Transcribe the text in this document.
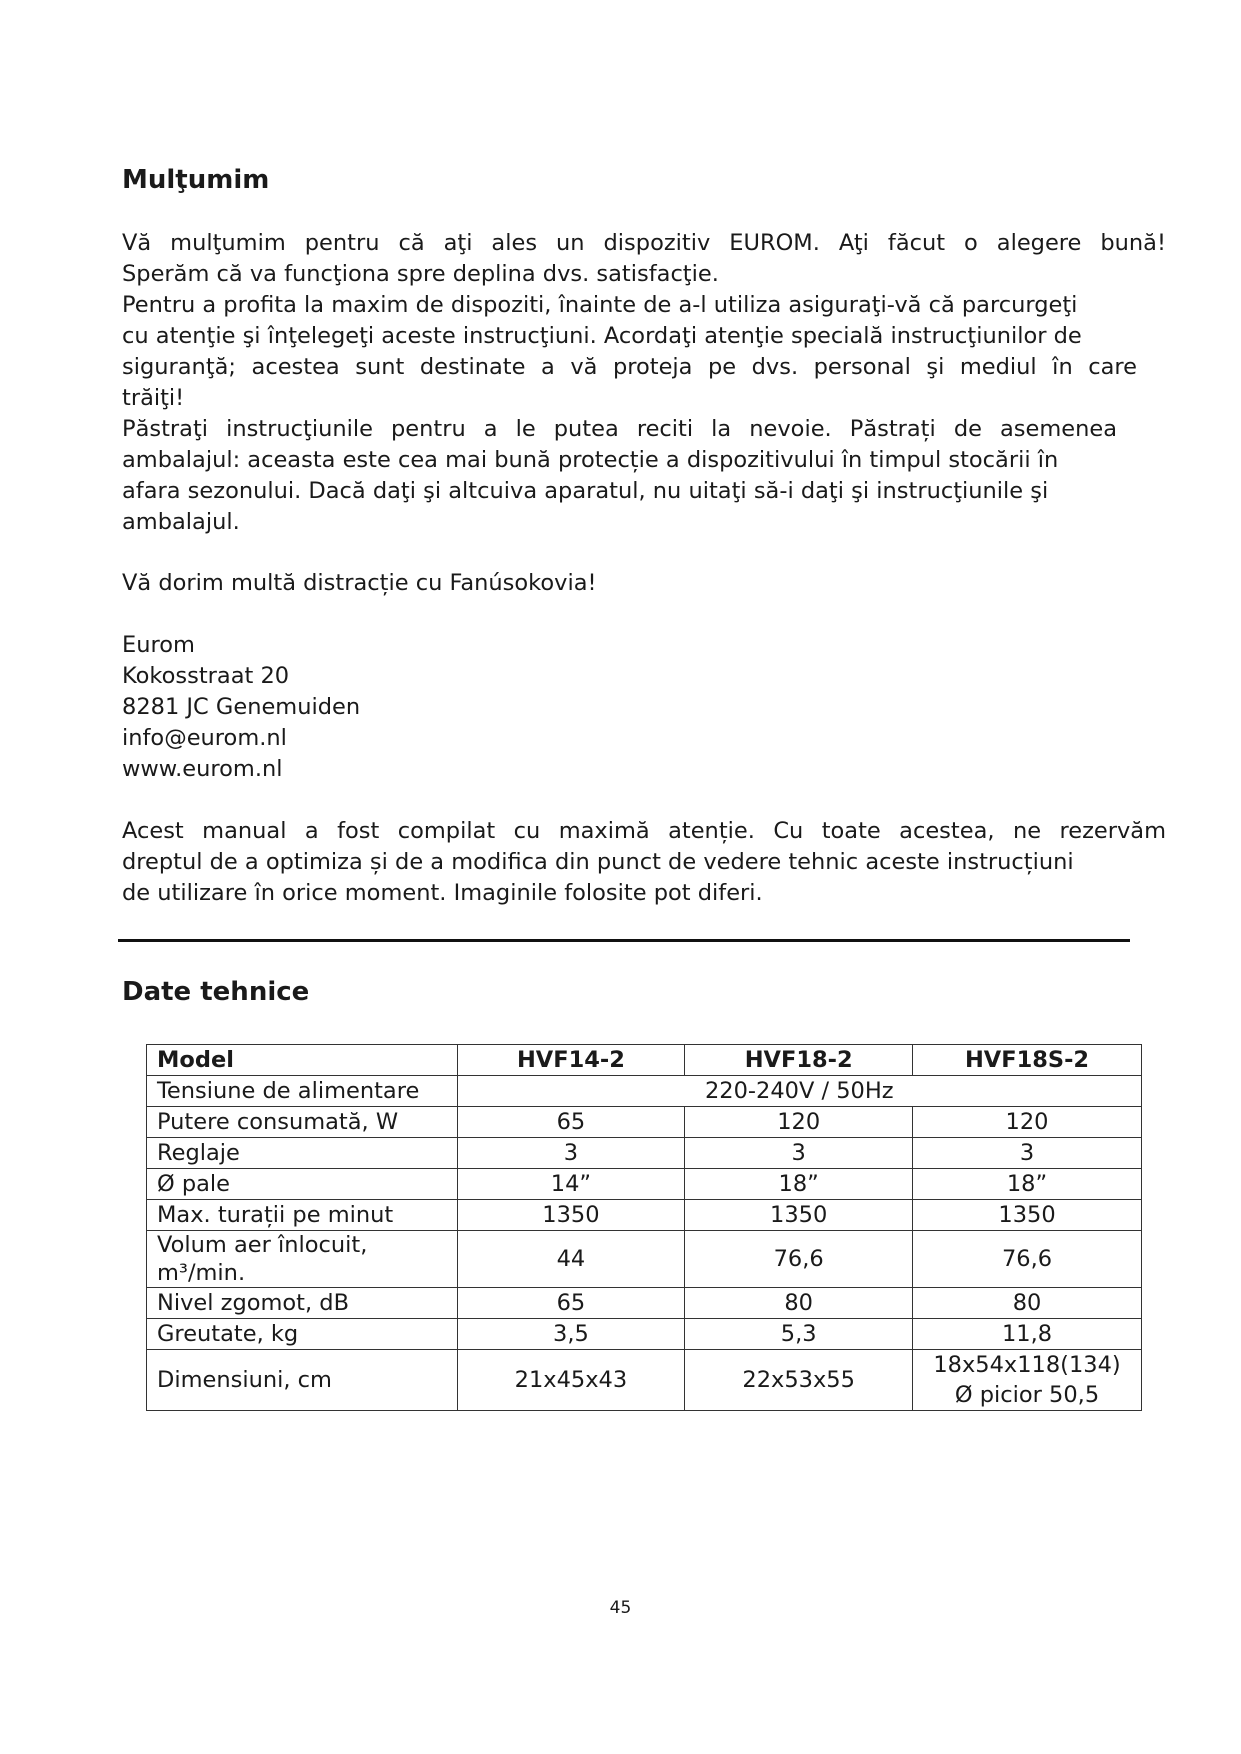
Mulţumim
Vă mulţumim pentru că aţi ales un dispozitiv EUROM. Aţi făcut o alegere bună!
Sperăm că va funcţiona spre deplina dvs. satisfacţie.
Pentru a profita la maxim de dispoziti, înainte de a-l utiliza asiguraţi-vă că parcurgeţi
cu atenţie şi înţelegeţi aceste instrucţiuni. Acordaţi atenţie specială instrucţiunilor de
siguranţă; acestea sunt destinate a vă proteja pe dvs. personal şi mediul în care
trăiţi!
Păstraţi instrucţiunile pentru a le putea reciti la nevoie. Păstrați de asemenea
ambalajul: aceasta este cea mai bună protecție a dispozitivului în timpul stocării în
afara sezonului. Dacă daţi şi altcuiva aparatul, nu uitaţi să-i daţi şi instrucţiunile şi
ambalajul.

Vă dorim multă distracție cu Fanúsokovia!

Eurom
Kokosstraat 20
8281 JC Genemuiden
info@eurom.nl
www.eurom.nl
Acest manual a fost compilat cu maximă atenție. Cu toate acestea, ne rezervăm
dreptul de a optimiza și de a modifica din punct de vedere tehnic aceste instrucțiuni
de utilizare în orice moment. Imaginile folosite pot diferi.
Date tehnice
Model	HVF14-2	HVF18-2	HVF18S-2
Tensiune de alimentare	220-240V / 50Hz		
Putere consumată, W	65	120	120
Reglaje	3	3	3
Ø pale	14”	18”	18”
Max. turații pe minut	1350	1350	1350
Volum aer înlocuit, m³/min.	44	76,6	76,6
Nivel zgomot, dB	65	80	80
Greutate, kg	3,5	5,3	11,8
Dimensiuni, cm	21x45x43	22x53x55	18x54x118(134)
Ø picior 50,5
45
